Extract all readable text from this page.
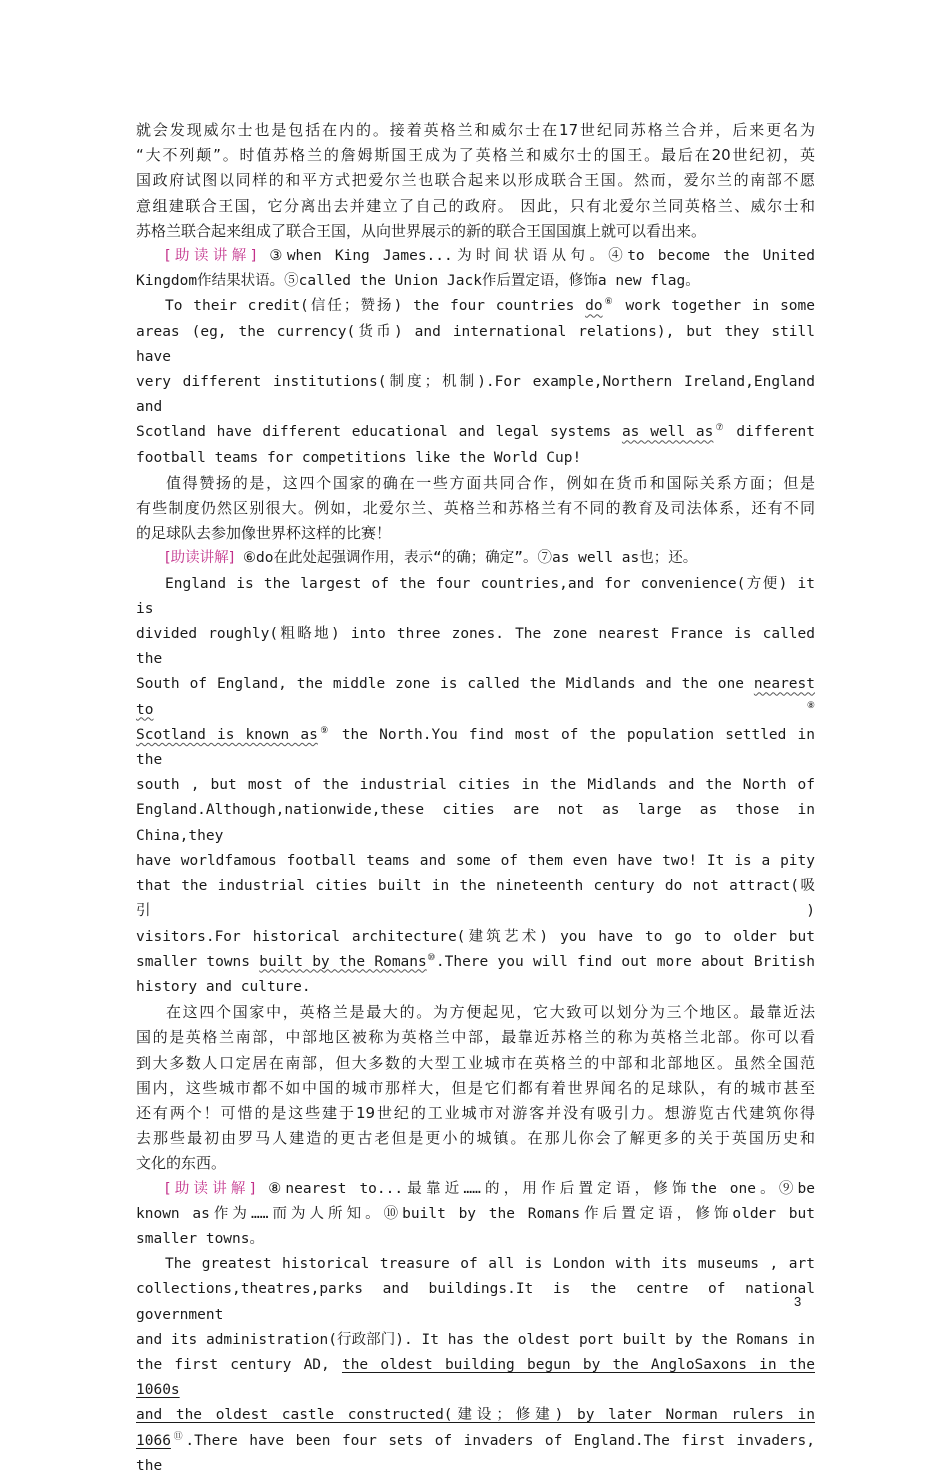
就会发现威尔士也是包括在内的。接着英格兰和威尔士在17世纪同苏格兰合并，后来更名为

“大不列颠”。时值苏格兰的詹姆斯国王成为了英格兰和威尔士的国王。最后在20世纪初，英

国政府试图以同样的和平方式把爱尔兰也联合起来以形成联合王国。然而，爱尔兰的南部不愿

意组建联合王国，它分离出去并建立了自己的政府。 因此，只有北爱尔兰同英格兰、威尔士和

苏格兰联合起来组成了联合王国，从向世界展示的新的联合王国国旗上就可以看出来。

[助读讲解] ③when King James...为时间状语从句。④to become the United

Kingdom作结果状语。⑤called the Union Jack作后置定语，修饰a new flag。

To their credit(信任；赞扬) the four countries do⑥ work together in some

areas (eg, the currency(货币) and international relations), but they still have

very different institutions(制度；机制).For example,Northern Ireland,England and

Scotland have different educational and legal systems as well as⑦ different

football teams for competitions like the World Cup!

值得赞扬的是，这四个国家的确在一些方面共同合作，例如在货币和国际关系方面；但是

有些制度仍然区别很大。例如，北爱尔兰、英格兰和苏格兰有不同的教育及司法体系，还有不同

的足球队去参加像世界杯这样的比赛！

[助读讲解] ⑥do在此处起强调作用，表示“的确；确定”。⑦as well as也；还。

England is the largest of the four countries,and for convenience(方便) it is

divided roughly(粗略地) into three zones. The zone nearest France is called the

South of England, the middle zone is called the Midlands and the one nearest to⑧

Scotland is known as⑨ the North.You find most of the population settled in the

south , but most of the industrial cities in the Midlands and the North of

England.Although,nationwide,these cities are not as large as those in China,they

have worldfamous football teams and some of them even have two! It is a pity

that the industrial cities built in the nineteenth century do not attract(吸引)

visitors.For historical architecture(建筑艺术) you have to go to older but

smaller towns built by the Romans⑩.There you will find out more about British

history and culture.

在这四个国家中，英格兰是最大的。为方便起见，它大致可以划分为三个地区。最靠近法

国的是英格兰南部，中部地区被称为英格兰中部，最靠近苏格兰的称为英格兰北部。你可以看

到大多数人口定居在南部，但大多数的大型工业城市在英格兰的中部和北部地区。虽然全国范

围内，这些城市都不如中国的城市那样大，但是它们都有着世界闻名的足球队，有的城市甚至

还有两个！可惜的是这些建于19世纪的工业城市对游客并没有吸引力。想游览古代建筑你得

去那些最初由罗马人建造的更古老但是更小的城镇。在那儿你会了解更多的关于英国历史和

文化的东西。

[助读讲解] ⑧nearest to...最靠近……的，用作后置定语，修饰the one。⑨be

known as作为……而为人所知。⑩built by the Romans作后置定语，修饰older but

smaller towns。

The greatest historical treasure of all is London with its museums , art

collections,theatres,parks and buildings.It is the centre of national government

and its administration(行政部门). It has the oldest port built by the Romans in

the first century AD, the oldest building begun by the AngloSaxons in the 1060s

and the oldest castle constructed(建设；修建) by later Norman rulers in

1066⑪.There have been four sets of invaders of England.The first invaders, the

3
